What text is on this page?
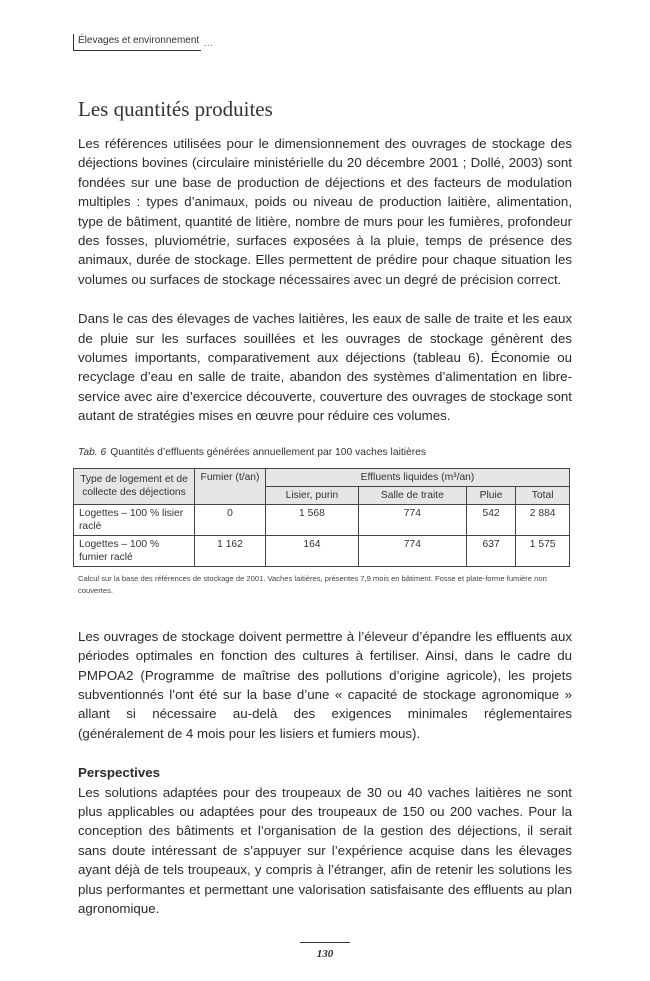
Élevages et environnement …
Les quantités produites

Les références utilisées pour le dimensionnement des ouvrages de stockage des déjections bovines (circulaire ministérielle du 20 décembre 2001 ; Dollé, 2003) sont fondées sur une base de production de déjections et des facteurs de modulation multiples : types d’animaux, poids ou niveau de production laitière, alimentation, type de bâtiment, quantité de litière, nombre de murs pour les fumières, profondeur des fosses, pluviométrie, surfaces exposées à la pluie, temps de présence des animaux, durée de stockage. Elles permettent de prédire pour chaque situation les volumes ou surfaces de stockage nécessaires avec un degré de précision correct.

Dans le cas des élevages de vaches laitières, les eaux de salle de traite et les eaux de pluie sur les surfaces souillées et les ouvrages de stockage génèrent des volumes importants, comparativement aux déjections (tableau 6). Économie ou recyclage d’eau en salle de traite, abandon des systèmes d’alimentation en libre-service avec aire d’exercice découverte, couverture des ouvrages de stockage sont autant de stratégies mises en œuvre pour réduire ces volumes.

Tab. 6 Quantités d’effluents générées annuellement par 100 vaches laitières
Type de logement et de collecte des déjections	Fumier (t/an)	Effluents liquides (m³/an)			
		Lisier, purin	Salle de traite	Pluie	Total
Logettes – 100 % lisier raclé	0	1 568	774	542	2 884
Logettes – 100 % fumier raclé	1 162	164	774	637	1 575
Calcul sur la base des références de stockage de 2001. Vaches laitières, présentes 7,9 mois en bâtiment. Fosse et plate-forme fumière non couvertes.

Les ouvrages de stockage doivent permettre à l’éleveur d’épandre les effluents aux périodes optimales en fonction des cultures à fertiliser. Ainsi, dans le cadre du PMPOA2 (Programme de maîtrise des pollutions d’origine agricole), les projets subventionnés l’ont été sur la base d’une « capacité de stockage agronomique » allant si nécessaire au-delà des exigences minimales réglementaires (généralement de 4 mois pour les lisiers et fumiers mous).

Perspectives

Les solutions adaptées pour des troupeaux de 30 ou 40 vaches laitières ne sont plus applicables ou adaptées pour des troupeaux de 150 ou 200 vaches. Pour la conception des bâtiments et l’organisation de la gestion des déjections, il serait sans doute intéressant de s’appuyer sur l’expérience acquise dans les élevages ayant déjà de tels troupeaux, y compris à l’étranger, afin de retenir les solutions les plus performantes et permettant une valorisation satisfaisante des effluents au plan agronomique.

130
